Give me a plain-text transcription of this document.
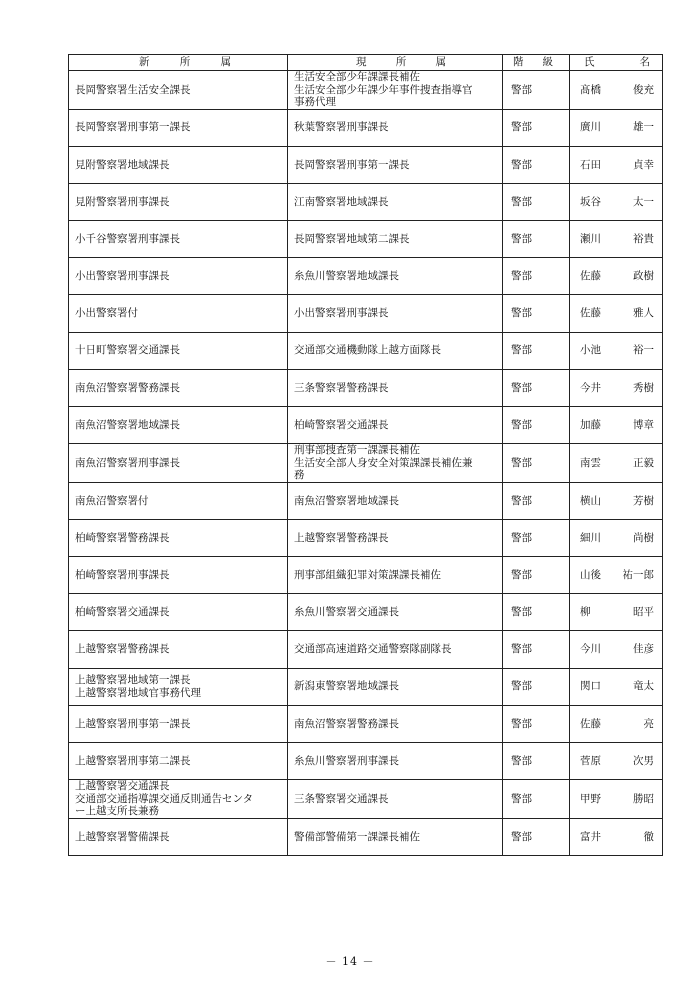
新 所 属	現 所 属	階 級	氏 名

長岡警察署生活安全課長	生活安全部少年課課長補佐
生活安全部少年課少年事件捜査指導官
事務代理	警部	髙橋 俊充

長岡警察署刑事第一課長	秋葉警察署刑事課長	警部	廣川 雄一

見附警察署地域課長	長岡警察署刑事第一課長	警部	石田 貞幸

見附警察署刑事課長	江南警察署地域課長	警部	坂谷 太一

小千谷警察署刑事課長	長岡警察署地域第二課長	警部	瀬川 裕貴

小出警察署刑事課長	糸魚川警察署地域課長	警部	佐藤 政樹

小出警察署付	小出警察署刑事課長	警部	佐藤 雅人

十日町警察署交通課長	交通部交通機動隊上越方面隊長	警部	小池 裕一

南魚沼警察署警務課長	三条警察署警務課長	警部	今井 秀樹

南魚沼警察署地域課長	柏崎警察署交通課長	警部	加藤 博章

南魚沼警察署刑事課長	刑事部捜査第一課課長補佐
生活安全部人身安全対策課課長補佐兼
務	警部	南雲 正毅

南魚沼警察署付	南魚沼警察署地域課長	警部	横山 芳樹

柏崎警察署警務課長	上越警察署警務課長	警部	細川 尚樹

柏崎警察署刑事課長	刑事部組織犯罪対策課課長補佐	警部	山後 祐一郎

柏崎警察署交通課長	糸魚川警察署交通課長	警部	柳 昭平

上越警察署警務課長	交通部高速道路交通警察隊副隊長	警部	今川 佳彦

上越警察署地域第一課長
上越警察署地域官事務代理	新潟東警察署地域課長	警部	関口 竜太

上越警察署刑事第一課長	南魚沼警察署警務課長	警部	佐藤 亮

上越警察署刑事第二課長	糸魚川警察署刑事課長	警部	菅原 次男

上越警察署交通課長
交通部交通指導課交通反則通告センタ
ー上越支所長兼務	三条警察署交通課長	警部	甲野 勝昭

上越警察署警備課長	警備部警備第一課課長補佐	警部	富井 徹
－ 14 －
